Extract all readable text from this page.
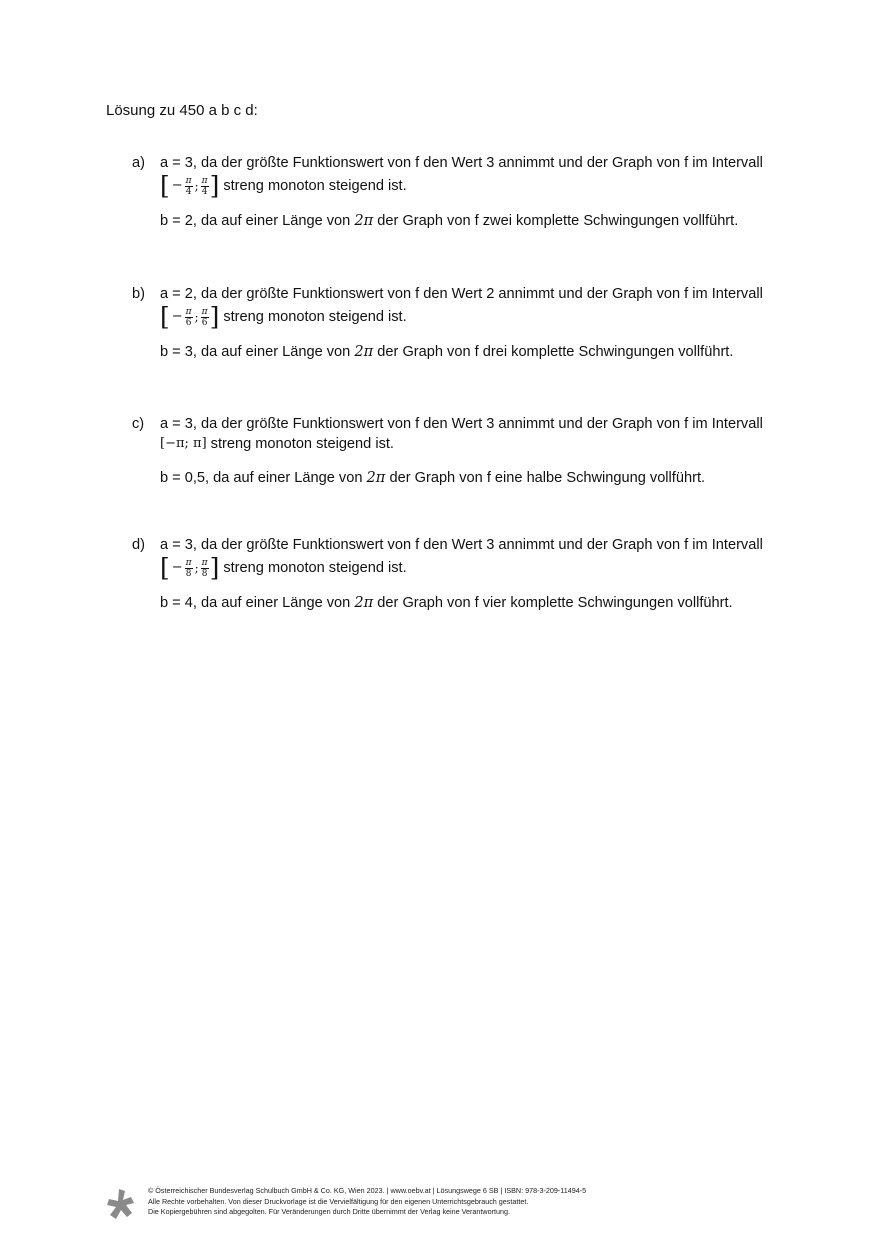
Lösung zu 450 a b c d:
a) a = 3, da der größte Funktionswert von f den Wert 3 annimmt und der Graph von f im Intervall
[ − $\frac{\pi}{4}$ ; $\frac{\pi}{4}$ ] streng monoton steigend ist.
b = 2, da auf einer Länge von 2π der Graph von f zwei komplette Schwingungen vollführt.
b) a = 2, da der größte Funktionswert von f den Wert 2 annimmt und der Graph von f im Intervall
[ − $\frac{\pi}{6}$ ; $\frac{\pi}{6}$ ] streng monoton steigend ist.
b = 3, da auf einer Länge von 2π der Graph von f drei komplette Schwingungen vollführt.
c) a = 3, da der größte Funktionswert von f den Wert 3 annimmt und der Graph von f im Intervall
[−π; π] streng monoton steigend ist.
b = 0,5, da auf einer Länge von 2π der Graph von f eine halbe Schwingung vollführt.
d) a = 3, da der größte Funktionswert von f den Wert 3 annimmt und der Graph von f im Intervall
[ − $\frac{\pi}{8}$ ; $\frac{\pi}{8}$ ] streng monoton steigend ist.
b = 4, da auf einer Länge von 2π der Graph von f vier komplette Schwingungen vollführt.
© Österreichischer Bundesverlag Schulbuch GmbH & Co. KG, Wien 2023. | www.oebv.at | Lösungswege 6 SB | ISBN: 978-3-209-11494-5
Alle Rechte vorbehalten. Von dieser Druckvorlage ist die Vervielfältigung für den eigenen Unterrichtsgebrauch gestattet.
Die Kopiergebühren sind abgegolten. Für Veränderungen durch Dritte übernimmt der Verlag keine Verantwortung.
